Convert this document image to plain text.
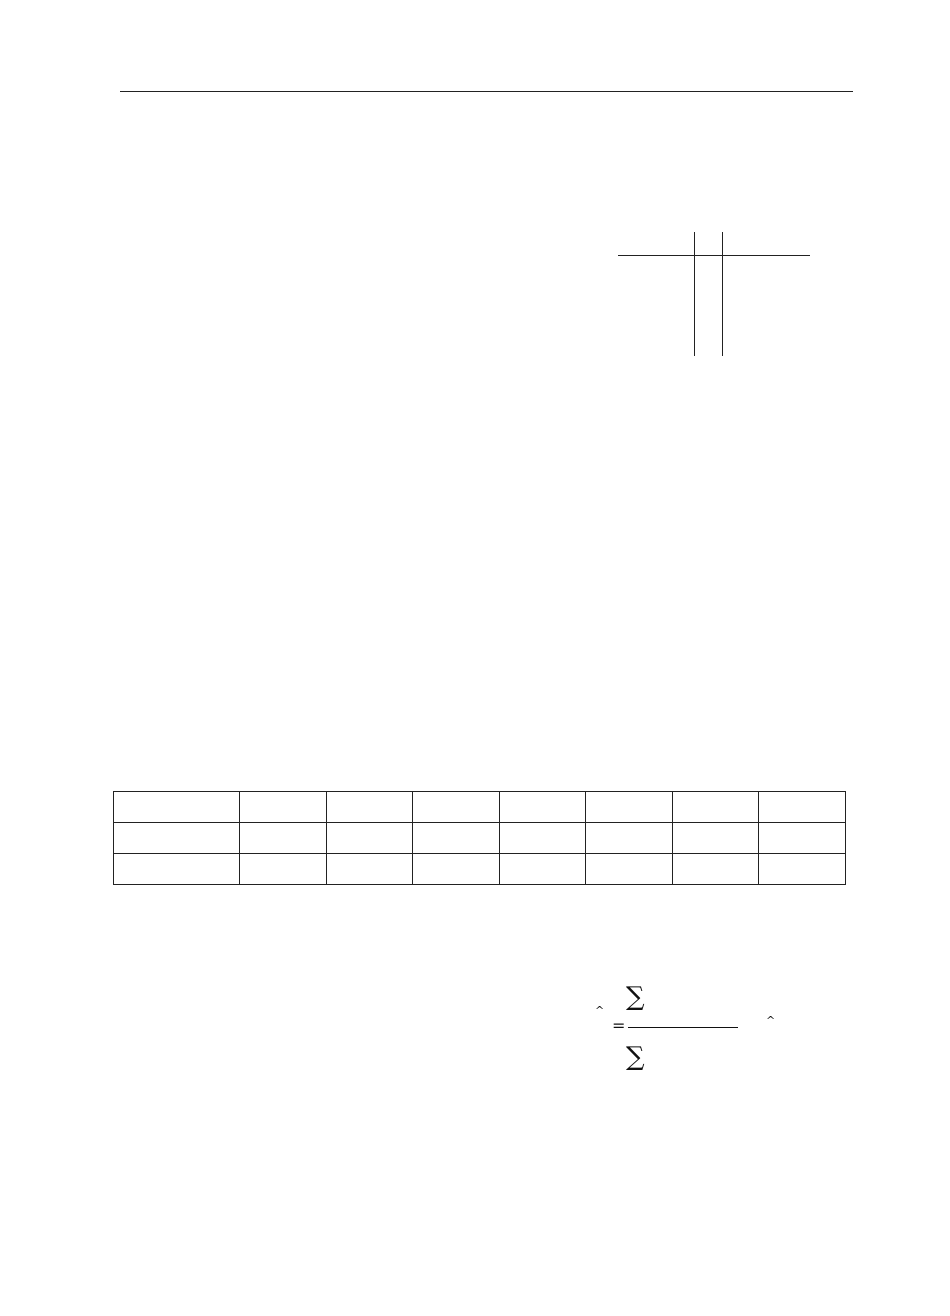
^
=
∑
∑
^
